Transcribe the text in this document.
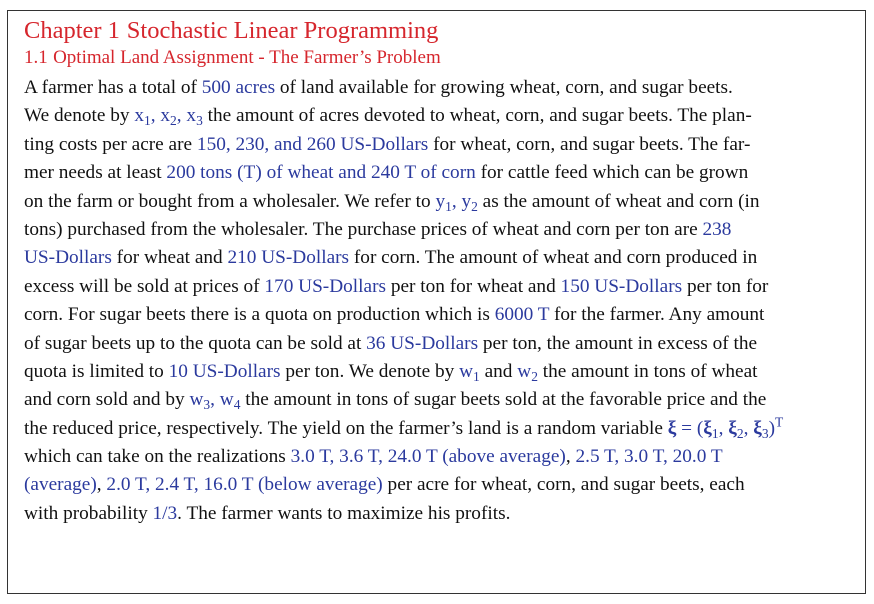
Chapter 1 Stochastic Linear Programming
1.1 Optimal Land Assignment - The Farmer’s Problem
A farmer has a total of 500 acres of land available for growing wheat, corn, and sugar beets.
We denote by $x_1$, $x_2$, $x_3$ the amount of acres devoted to wheat, corn, and sugar beets. The plan-
ting costs per acre are 150, 230, and 260 US-Dollars for wheat, corn, and sugar beets. The far-
mer needs at least 200 tons (T) of wheat and 240 T of corn for cattle feed which can be grown
on the farm or bought from a wholesaler. We refer to $y_1$, $y_2$ as the amount of wheat and corn (in
tons) purchased from the wholesaler. The purchase prices of wheat and corn per ton are 238
US-Dollars for wheat and 210 US-Dollars for corn. The amount of wheat and corn produced in
excess will be sold at prices of 170 US-Dollars per ton for wheat and 150 US-Dollars per ton for
corn. For sugar beets there is a quota on production which is 6000 T for the farmer. Any amount
of sugar beets up to the quota can be sold at 36 US-Dollars per ton, the amount in excess of the
quota is limited to 10 US-Dollars per ton. We denote by $w_1$ and $w_2$ the amount in tons of wheat
and corn sold and by $w_3$, $w_4$ the amount in tons of sugar beets sold at the favorable price and the
the reduced price, respectively. The yield on the farmer’s land is a random variable $\xi = (\xi_1$, $\xi_2$, $\xi_3)^T$
which can take on the realizations 3.0 T, 3.6 T, 24.0 T (above average), 2.5 T, 3.0 T, 20.0 T
(average), 2.0 T, 2.4 T, 16.0 T (below average) per acre for wheat, corn, and sugar beets, each
with probability 1/3. The farmer wants to maximize his profits.
